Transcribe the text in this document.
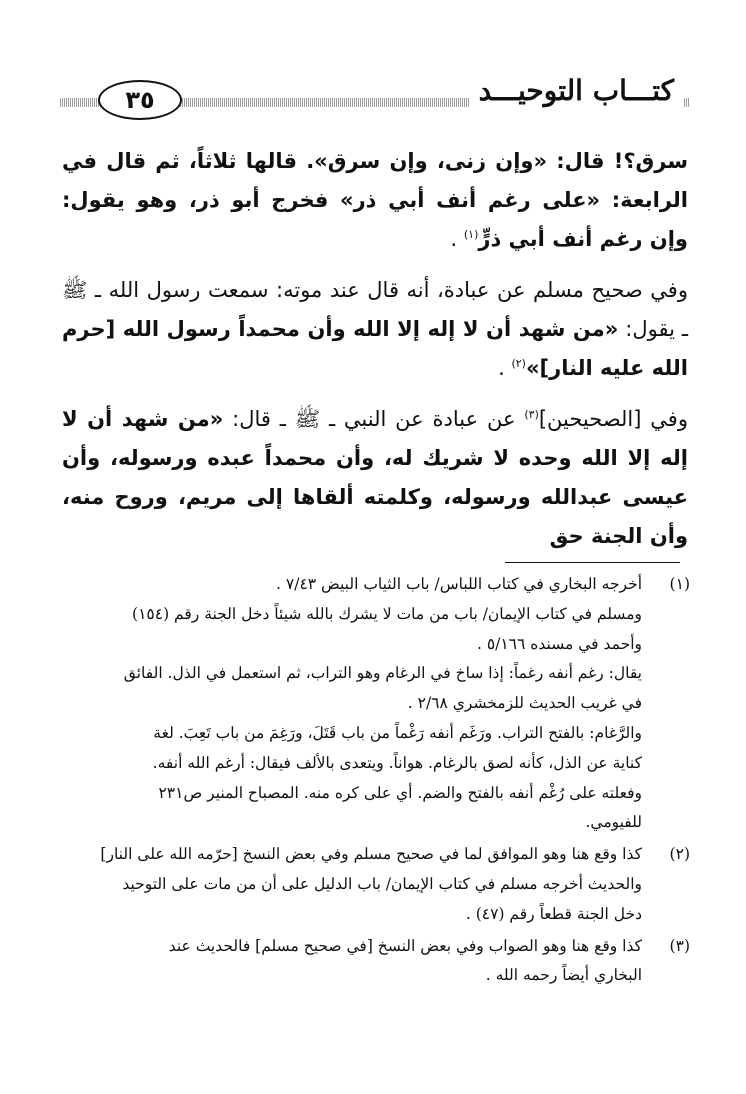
٣٥	كتـــاب التوحيـــد

سرق؟! قال: «وإن زنى، وإن سرق». قالها ثلاثاً، ثم قال في الرابعة: «على رغم أنف أبي ذر» فخرج أبو ذر، وهو يقول: وإن رغم أنف أبي ذرٍّ$^{(١)}$ .

وفي صحيح مسلم عن عبادة، أنه قال عند موته: سمعت رسول الله ـ ﷺ ـ يقول: «من شهد أن لا إله إلا الله وأن محمداً رسول الله [حرم الله عليه النار]»$^{(٢)}$ .

وفي [الصحيحين]$^{(٣)}$ عن عبادة عن النبي ـ ﷺ ـ قال: «من شهد أن لا إله إلا الله وحده لا شريك له، وأن محمداً عبده ورسوله، وأن عيسى عبدالله ورسوله، وكلمته ألقاها إلى مريم، وروح منه، وأن الجنة حق

(١)
أخرجه البخاري في كتاب اللباس/ باب الثياب البيض ٧/٤٣ .
ومسلم في كتاب الإيمان/ باب من مات لا يشرك بالله شيئاً دخل الجنة رقم (١٥٤)
وأحمد في مسنده ٥/١٦٦ .
يقال: رغم أنفه رغماً: إذا ساخ في الرغام وهو التراب، ثم استعمل في الذل. الفائق
في غريب الحديث للزمخشري ٢/٦٨ .
والرَّغام: بالفتح التراب. ورَغَم أنفه رَغْماً من باب قَتَلَ، ورَغِمَ من باب تَعِبَ. لغة
كناية عن الذل، كأنه لصق بالرغام. هواناً. ويتعدى بالألف فيقال: أرغم الله أنفه.
وفعلته على رُغْم أنفه بالفتح والضم. أي على كره منه. المصباح المنير ص٢٣١
للفيومي.
(٢)
كذا وقع هنا وهو الموافق لما في صحيح مسلم وفي بعض النسخ [حرّمه الله على النار]
والحديث أخرجه مسلم في كتاب الإيمان/ باب الدليل على أن من مات على التوحيد
دخل الجنة قطعاً رقم (٤٧) .
(٣)
كذا وقع هنا وهو الصواب وفي بعض النسخ [في صحيح مسلم] فالحديث عند
البخاري أيضاً رحمه الله .
